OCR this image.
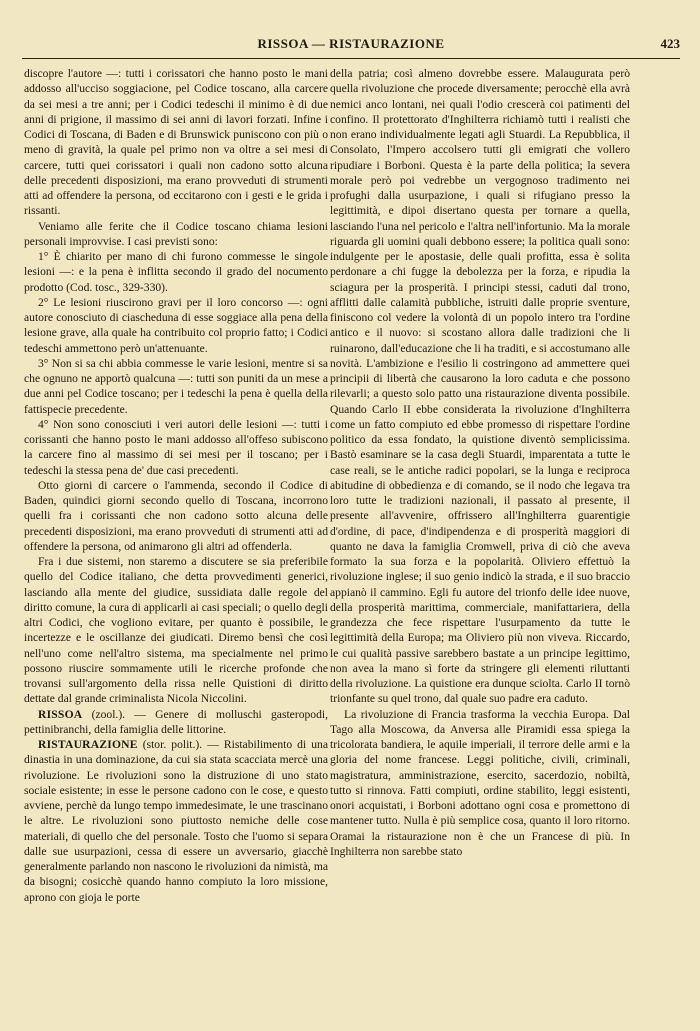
RISSOA — RISTAURAZIONE	423

discopre l'autore —: tutti i corissatori che hanno posto le mani addosso all'ucciso soggiacione, pel Codice toscano, alla carcere da sei mesi a tre anni; per i Codici tedeschi il minimo è di due anni di prigione, il massimo di sei anni di lavori forzati. Infine i Codici di Toscana, di Baden e di Brunswick puniscono con più o meno di gravità, la quale pel primo non va oltre a sei mesi di carcere, tutti quei corissatori i quali non cadono sotto alcuna delle precedenti disposizioni, ma erano provveduti di strumenti atti ad offendere la persona, od eccitarono con i gesti e le grida i rissanti.

Veniamo alle ferite che il Codice toscano chiama lesioni personali improvvise. I casi previsti sono:

1° È chiarito per mano di chi furono commesse le singole lesioni —: e la pena è inflitta secondo il grado del nocumento prodotto (Cod. tosc., 329-330).

2° Le lesioni riuscirono gravi per il loro concorso —: ogni autore conosciuto di ciascheduna di esse soggiace alla pena della lesione grave, alla quale ha contribuito col proprio fatto; i Codici tedeschi ammettono però un'attenuante.

3° Non si sa chi abbia commesse le varie lesioni, mentre si sa che ognuno ne apportò qualcuna —: tutti son puniti da un mese a due anni pel Codice toscano; per i tedeschi la pena è quella della fattispecie precedente.

4° Non sono conosciuti i veri autori delle lesioni —: tutti i corissanti che hanno posto le mani addosso all'offeso subiscono la carcere fino al massimo di sei mesi per il toscano; per i tedeschi la stessa pena de' due casi precedenti.

Otto giorni di carcere o l'ammenda, secondo il Codice di Baden, quindici giorni secondo quello di Toscana, incorrono quelli fra i corissanti che non cadono sotto alcuna delle precedenti disposizioni, ma erano provveduti di strumenti atti ad offendere la persona, od animarono gli altri ad offenderla.

Fra i due sistemi, non staremo a discutere se sia preferibile quello del Codice italiano, che detta provvedimenti generici, lasciando alla mente del giudice, sussidiata dalle regole del diritto comune, la cura di applicarli ai casi speciali; o quello degli altri Codici, che vogliono evitare, per quanto è possibile, le incertezze e le oscillanze dei giudicati. Diremo bensì che così nell'uno come nell'altro sistema, ma specialmente nel primo possono riuscire sommamente utili le ricerche profonde che trovansi sull'argomento della rissa nelle Quistioni di diritto dettate dal grande criminalista Nicola Niccolini.

RISSOA (zool.). — Genere di molluschi gasteropodi, pettinibranchi, della famiglia delle littorine.

RISTAURAZIONE (stor. polit.). — Ristabilimento di una dinastia in una dominazione, da cui sia stata scacciata mercè una rivoluzione. Le rivoluzioni sono la distruzione di uno stato sociale esistente; in esse le persone cadono con le cose, e questo avviene, perchè da lungo tempo immedesimate, le une trascinano le altre. Le rivoluzioni sono piuttosto nemiche delle cose materiali, di quello che del personale. Tosto che l'uomo si separa dalle sue usurpazioni, cessa di essere un avversario, giacchè generalmente parlando non nascono le rivoluzioni da nimistà, ma da bisogni; cosicchè quando hanno compiuto la loro missione, aprono con gioja le porte

della patria; così almeno dovrebbe essere. Malaugurata però quella rivoluzione che procede diversamente; perocchè ella avrà nemici anco lontani, nei quali l'odio crescerà coi patimenti del confino. Il protettorato d'Inghilterra richiamò tutti i realisti che non erano individualmente legati agli Stuardi. La Repubblica, il Consolato, l'Impero accolsero tutti gli emigrati che vollero ripudiare i Borboni. Questa è la parte della politica; la severa morale però poi vedrebbe un vergognoso tradimento nei profughi dalla usurpazione, i quali si rifugiano presso la legittimità, e dipoi disertano questa per tornare a quella, lasciando l'una nel pericolo e l'altra nell'infortunio. Ma la morale riguarda gli uomini quali debbono essere; la politica quali sono: indulgente per le apostasie, delle quali profitta, essa è solita perdonare a chi fugge la debolezza per la forza, e ripudia la sciagura per la prosperità. I principi stessi, caduti dal trono, afflitti dalle calamità pubbliche, istruiti dalle proprie sventure, finiscono col vedere la volontà di un popolo intero tra l'ordine antico e il nuovo: si scostano allora dalle tradizioni che li ruinarono, dall'educazione che li ha traditi, e si accostumano alle novità. L'ambizione e l'esilio li costringono ad ammettere quei principii di libertà che causarono la loro caduta e che possono rilevarli; a questo solo patto una ristaurazione diventa possibile. Quando Carlo II ebbe considerata la rivoluzione d'Inghilterra come un fatto compiuto ed ebbe promesso di rispettare l'ordine politico da essa fondato, la quistione diventò semplicissima. Bastò esaminare se la casa degli Stuardi, imparentata a tutte le case reali, se le antiche radici popolari, se la lunga e reciproca abitudine di obbedienza e di comando, se il nodo che legava tra loro tutte le tradizioni nazionali, il passato al presente, il presente all'avvenire, offrissero all'Inghilterra guarentigie d'ordine, di pace, d'indipendenza e di prosperità maggiori di quanto ne dava la famiglia Cromwell, priva di ciò che aveva formato la sua forza e la popolarità. Oliviero effettuò la rivoluzione inglese; il suo genio indicò la strada, e il suo braccio appianò il cammino. Egli fu autore del trionfo delle idee nuove, della prosperità marittima, commerciale, manifattariera, della grandezza che fece rispettare l'usurpamento da tutte le legittimità della Europa; ma Oliviero più non viveva. Riccardo, le cui qualità passive sarebbero bastate a un principe legittimo, non avea la mano sì forte da stringere gli elementi riluttanti della rivoluzione. La quistione era dunque sciolta. Carlo II tornò trionfante su quel trono, dal quale suo padre era caduto.

La rivoluzione di Francia trasforma la vecchia Europa. Dal Tago alla Moscowa, da Anversa alle Piramidi essa spiega la tricolorata bandiera, le aquile imperiali, il terrore delle armi e la gloria del nome francese. Leggi politiche, civili, criminali, magistratura, amministrazione, esercito, sacerdozio, nobiltà, tutto si rinnova. Fatti compiuti, ordine stabilito, leggi esistenti, onori acquistati, i Borboni adottano ogni cosa e promettono di mantener tutto. Nulla è più semplice cosa, quanto il loro ritorno. Oramai la ristaurazione non è che un Francese di più. In Inghilterra non sarebbe stato
